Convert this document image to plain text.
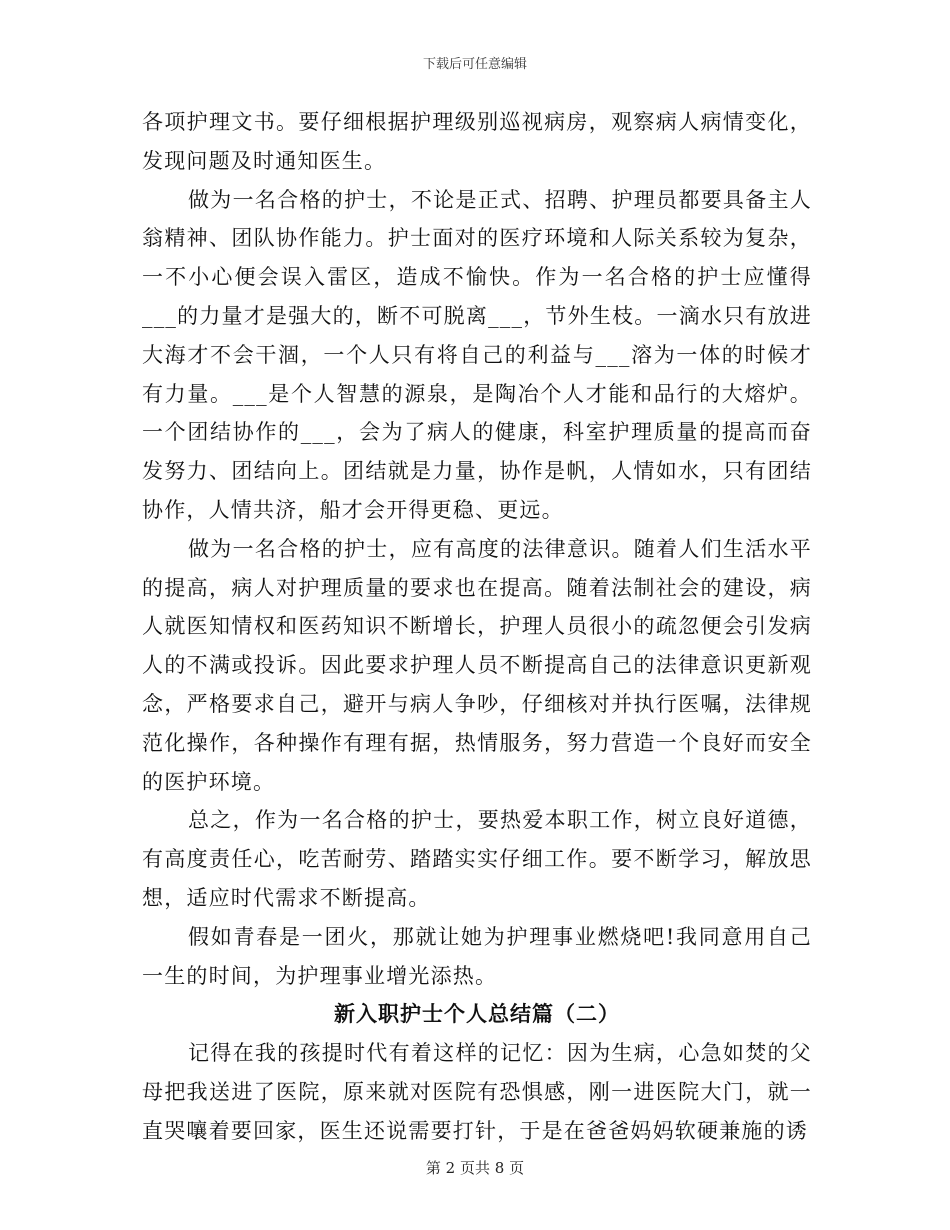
下载后可任意编辑

各项护理文书。要仔细根据护理级别巡视病房，观察病人病情变化，发现问题及时通知医生。

做为一名合格的护士，不论是正式、招聘、护理员都要具备主人翁精神、团队协作能力。护士面对的医疗环境和人际关系较为复杂，一不小心便会误入雷区，造成不愉快。作为一名合格的护士应懂得___的力量才是强大的，断不可脱离___，节外生枝。一滴水只有放进大海才不会干涸，一个人只有将自己的利益与___溶为一体的时候才有力量。___是个人智慧的源泉，是陶冶个人才能和品行的大熔炉。一个团结协作的___，会为了病人的健康，科室护理质量的提高而奋发努力、团结向上。团结就是力量，协作是帆，人情如水，只有团结协作，人情共济，船才会开得更稳、更远。

做为一名合格的护士，应有高度的法律意识。随着人们生活水平的提高，病人对护理质量的要求也在提高。随着法制社会的建设，病人就医知情权和医药知识不断增长，护理人员很小的疏忽便会引发病人的不满或投诉。因此要求护理人员不断提高自己的法律意识更新观念，严格要求自己，避开与病人争吵，仔细核对并执行医嘱，法律规范化操作，各种操作有理有据，热情服务，努力营造一个良好而安全的医护环境。

总之，作为一名合格的护士，要热爱本职工作，树立良好道德，有高度责任心，吃苦耐劳、踏踏实实仔细工作。要不断学习，解放思想，适应时代需求不断提高。

假如青春是一团火，那就让她为护理事业燃烧吧!我同意用自己一生的时间，为护理事业增光添热。

新入职护士个人总结篇（二）

记得在我的孩提时代有着这样的记忆：因为生病，心急如焚的父母把我送进了医院，原来就对医院有恐惧感，刚一进医院大门，就一直哭嚷着要回家，医生还说需要打针，于是在爸爸妈妈软硬兼施的诱

第 2 页共 8 页
